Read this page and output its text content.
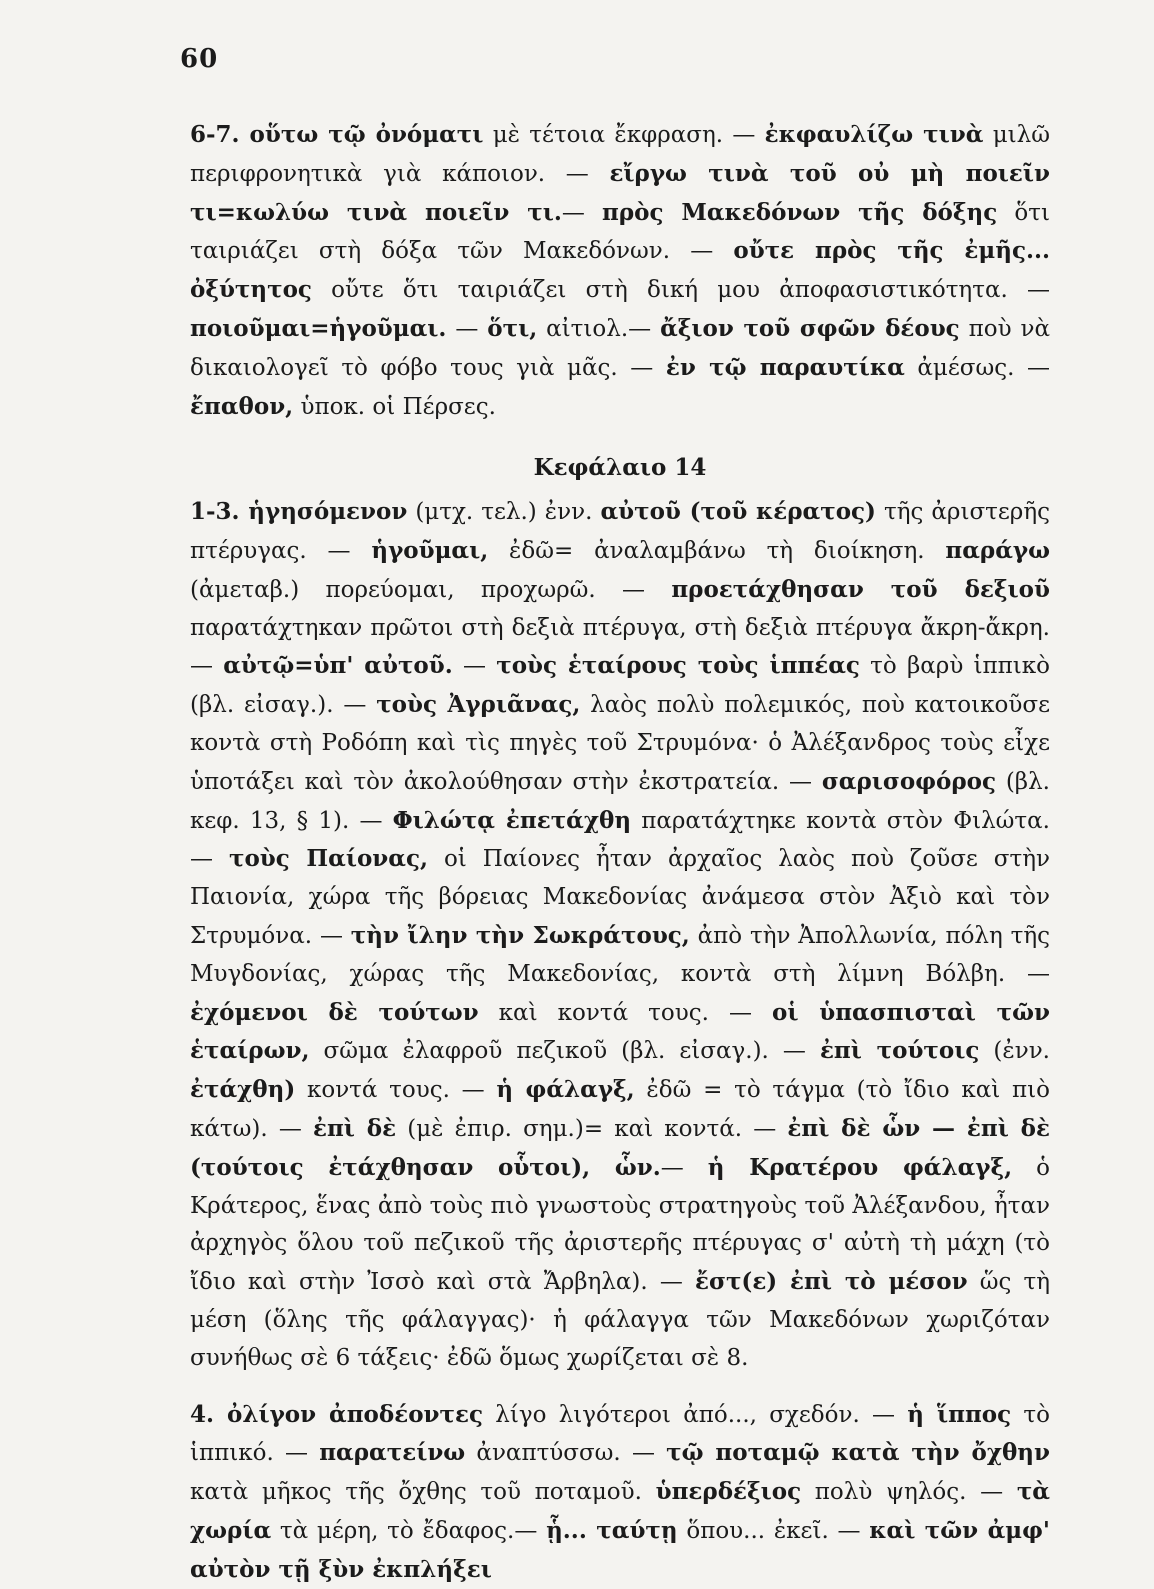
60

6-7. οὕτω τῷ ὀνόματι μὲ τέτοια ἔκφραση. — ἐκφαυλίζω τινὰ μιλῶ περιφρονητικὰ γιὰ κάποιον. — εἴργω τινὰ τοῦ οὐ μὴ ποιεῖν τι=κωλύω τινὰ ποιεῖν τι.— πρὸς Μακεδόνων τῆς δόξης ὅτι ταιριάζει στὴ δόξα τῶν Μακεδόνων. — οὔτε πρὸς τῆς ἐμῆς... ὀξύτητος οὔτε ὅτι ταιριάζει στὴ δική μου ἀποφασιστικότητα. — ποιοῦμαι=ἡγοῦμαι. — ὅτι, αἰτιολ.— ἄξιον τοῦ σφῶν δέους ποὺ νὰ δικαιολογεῖ τὸ φόβο τους γιὰ μᾶς. — ἐν τῷ παραυτίκα ἀμέσως. — ἔπαθον, ὑποκ. οἱ Πέρσες.

Κεφάλαιο 14

1-3. ἡγησόμενον (μτχ. τελ.) ἐνν. αὐτοῦ (τοῦ κέρατος) τῆς ἀριστερῆς πτέρυγας. — ἡγοῦμαι, ἐδῶ= ἀναλαμβάνω τὴ διοίκηση. παράγω (ἀμεταβ.) πορεύομαι, προχωρῶ. — προετάχθησαν τοῦ δεξιοῦ παρατάχτηκαν πρῶτοι στὴ δεξιὰ πτέρυγα, στὴ δεξιὰ πτέρυγα ἄκρη-ἄκρη. — αὐτῷ=ὑπ' αὐτοῦ. — τοὺς ἑταίρους τοὺς ἱππέας τὸ βαρὺ ἱππικὸ (βλ. εἰσαγ.). — τοὺς Ἀγριᾶνας, λαὸς πολὺ πολεμικός, ποὺ κατοικοῦσε κοντὰ στὴ Ροδόπη καὶ τὶς πηγὲς τοῦ Στρυμόνα· ὁ Ἀλέξανδρος τοὺς εἶχε ὑποτάξει καὶ τὸν ἀκολούθησαν στὴν ἐκστρατεία. — σαρισοφόρος (βλ. κεφ. 13, § 1). — Φιλώτᾳ ἐπετάχθη παρατάχτηκε κοντὰ στὸν Φιλώτα. — τοὺς Παίονας, οἱ Παίονες ἦταν ἀρχαῖος λαὸς ποὺ ζοῦσε στὴν Παιονία, χώρα τῆς βόρειας Μακεδονίας ἀνάμεσα στὸν Ἀξιὸ καὶ τὸν Στρυμόνα. — τὴν ἴλην τὴν Σωκράτους, ἀπὸ τὴν Ἀπολλωνία, πόλη τῆς Μυγδονίας, χώρας τῆς Μακεδονίας, κοντὰ στὴ λίμνη Βόλβη. — ἐχόμενοι δὲ τούτων καὶ κοντά τους. — οἱ ὑπασπισταὶ τῶν ἑταίρων, σῶμα ἐλαφροῦ πεζικοῦ (βλ. εἰσαγ.). — ἐπὶ τούτοις (ἐνν. ἐτάχθη) κοντά τους. — ἡ φάλαγξ, ἐδῶ = τὸ τάγμα (τὸ ἴδιο καὶ πιὸ κάτω). — ἐπὶ δὲ (μὲ ἐπιρ. σημ.)= καὶ κοντά. — ἐπὶ δὲ ὧν — ἐπὶ δὲ (τούτοις ἐτάχθησαν οὗτοι), ὧν.— ἡ Κρατέρου φάλαγξ, ὁ Κράτερος, ἕνας ἀπὸ τοὺς πιὸ γνωστοὺς στρατηγοὺς τοῦ Ἀλέξανδου, ἦταν ἀρχηγὸς ὅλου τοῦ πεζικοῦ τῆς ἀριστερῆς πτέρυγας σ' αὐτὴ τὴ μάχη (τὸ ἴδιο καὶ στὴν Ἰσσὸ καὶ στὰ Ἄρβηλα). — ἔστ(ε) ἐπὶ τὸ μέσον ὥς τὴ μέση (ὅλης τῆς φάλαγγας)· ἡ φάλαγγα τῶν Μακεδόνων χωριζόταν συνήθως σὲ 6 τάξεις· ἐδῶ ὅμως χωρίζεται σὲ 8.

4. ὀλίγον ἀποδέοντες λίγο λιγότεροι ἀπό..., σχεδόν. — ἡ ἵππος τὸ ἱππικό. — παρατείνω ἀναπτύσσω. — τῷ ποταμῷ κατὰ τὴν ὄχθην κατὰ μῆκος τῆς ὄχθης τοῦ ποταμοῦ. ὑπερδέξιος πολὺ ψηλός. — τὰ χωρία τὰ μέρη, τὸ ἔδαφος.— ᾗ... ταύτῃ ὅπου... ἐκεῖ. — καὶ τῶν ἀμφ' αὐτὸν τῇ ξὺν ἐκπλήξει
